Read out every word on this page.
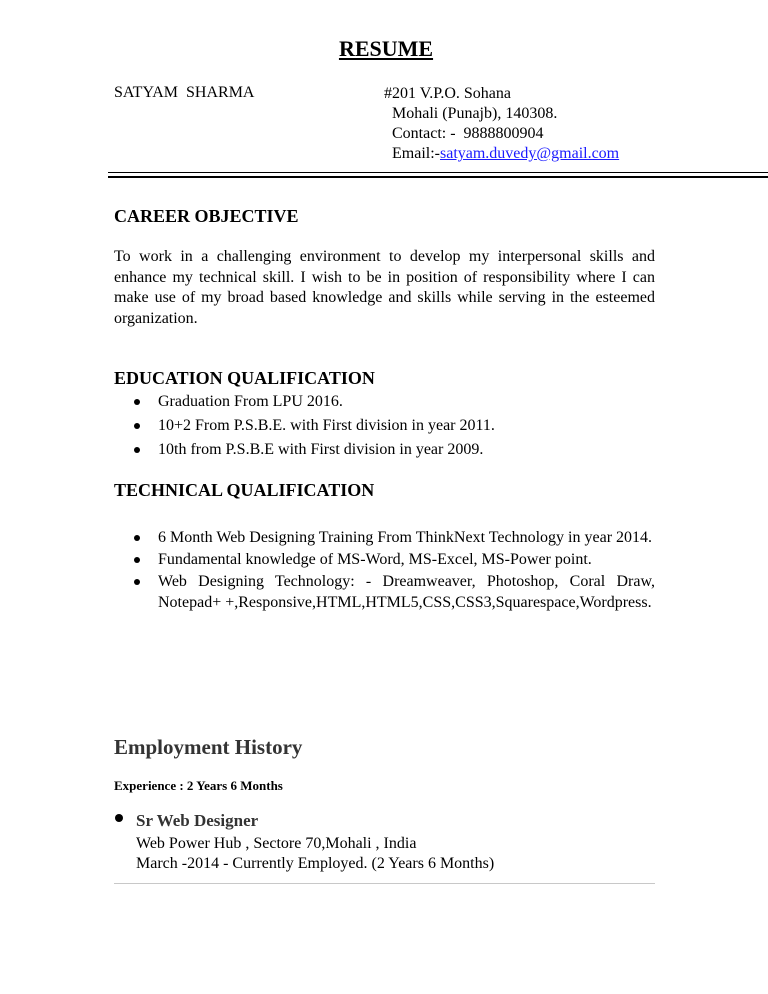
RESUME
SATYAM  SHARMA	#201 V.P.O. Sohana
Mohali (Punajb), 140308.
Contact: -  9888800904
Email:-satyam.duvedy@gmail.com
CAREER OBJECTIVE
To work in a challenging environment to develop my interpersonal skills and enhance my technical skill. I wish to be in position of responsibility where I can make use of my broad based knowledge and skills while serving in the esteemed organization.
EDUCATION QUALIFICATION
Graduation From LPU 2016.
10+2 From P.S.B.E. with First division in year 2011.
10th from P.S.B.E with First division in year 2009.
TECHNICAL QUALIFICATION
6 Month Web Designing Training From ThinkNext Technology in year 2014.
Fundamental knowledge of MS-Word, MS-Excel, MS-Power point.
Web Designing Technology: - Dreamweaver, Photoshop, Coral Draw, Notepad+ +,Responsive,HTML,HTML5,CSS,CSS3,Squarespace,Wordpress.
Employment History
Experience : 2 Years 6 Months
Sr Web Designer
Web Power Hub , Sectore 70,Mohali , India
March -2014 - Currently Employed. (2 Years 6 Months)
